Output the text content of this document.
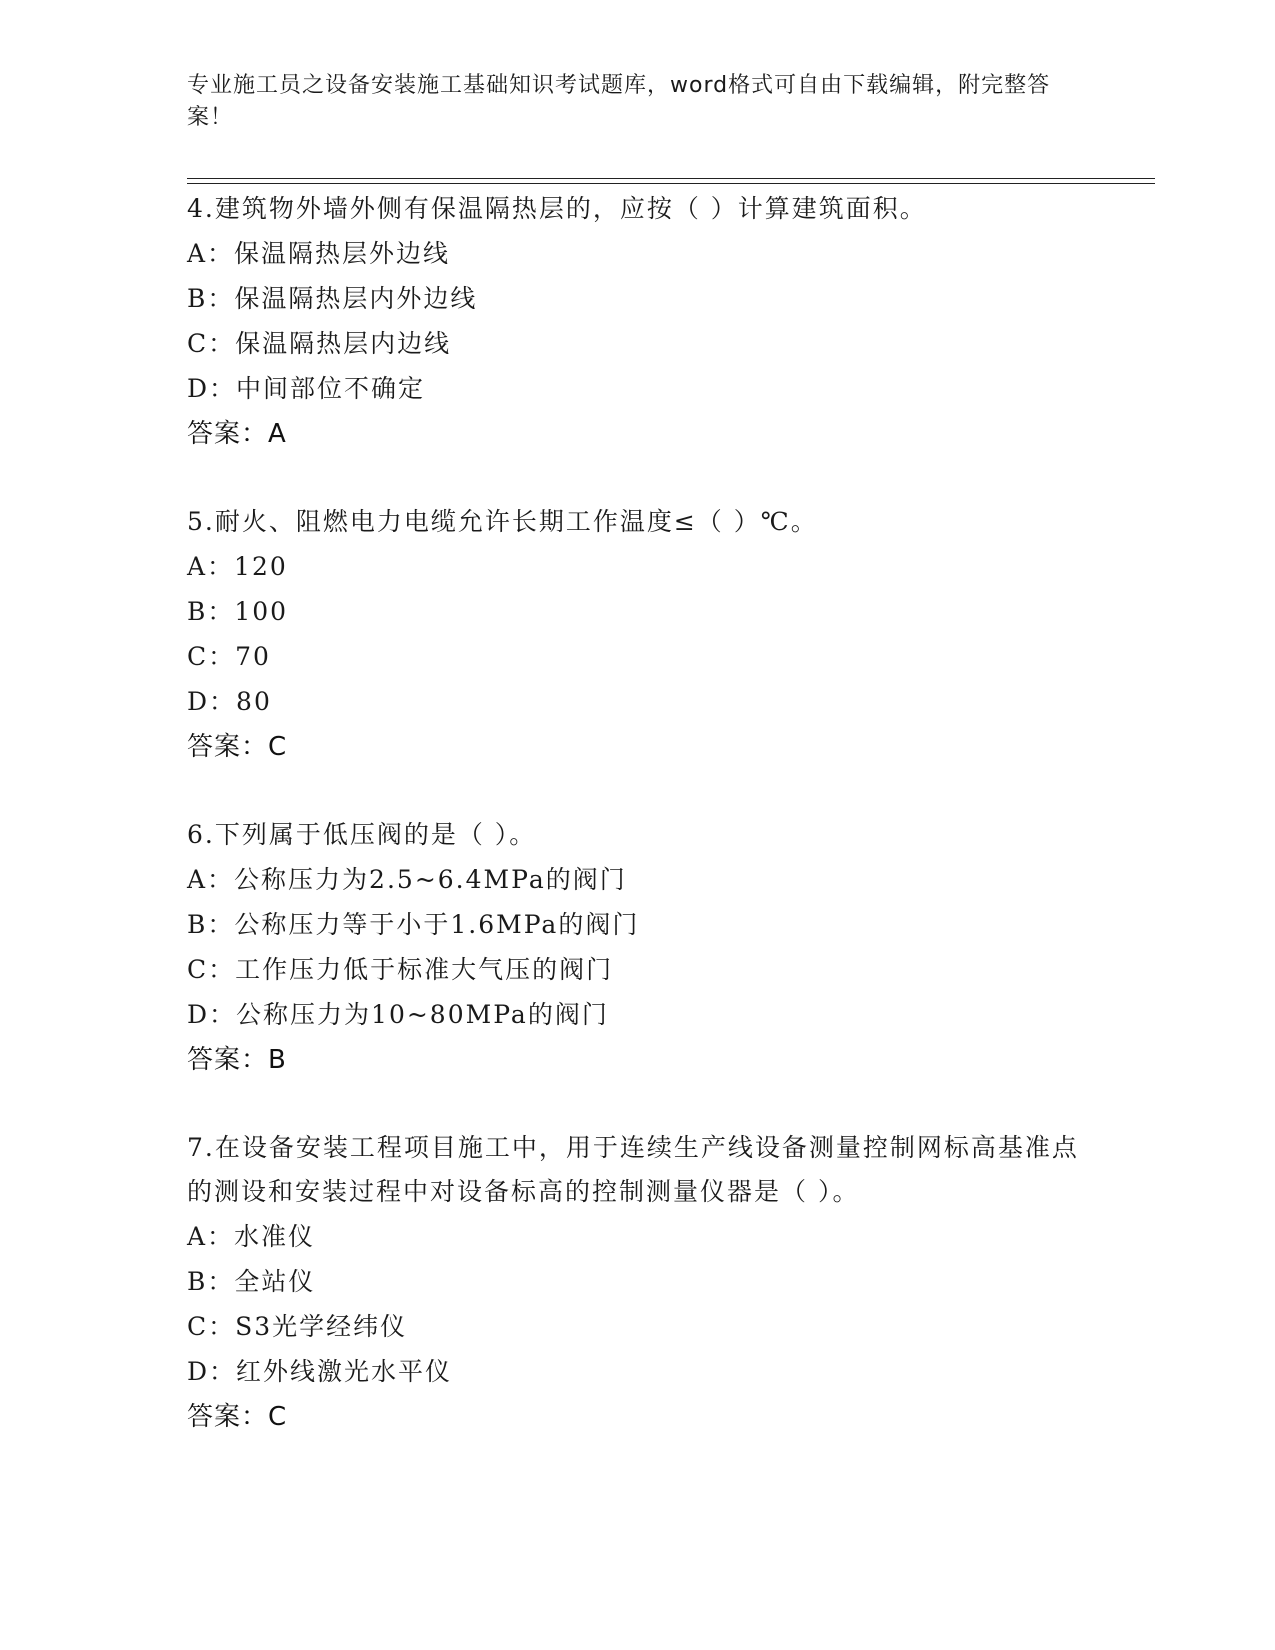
专业施工员之设备安装施工基础知识考试题库，word格式可自由下载编辑，附完整答案！
4.建筑物外墙外侧有保温隔热层的，应按（ ）计算建筑面积。
A：保温隔热层外边线
B：保温隔热层内外边线
C：保温隔热层内边线
D：中间部位不确定
答案：A
5.耐火、阻燃电力电缆允许长期工作温度≤（ ）℃。
A：120
B：100
C：70
D：80
答案：C
6.下列属于低压阀的是（ ）。
A：公称压力为2.5~6.4MPa的阀门
B：公称压力等于小于1.6MPa的阀门
C：工作压力低于标准大气压的阀门
D：公称压力为10~80MPa的阀门
答案：B
7.在设备安装工程项目施工中，用于连续生产线设备测量控制网标高基准点的测设和安装过程中对设备标高的控制测量仪器是（ ）。
A：水准仪
B：全站仪
C：S3光学经纬仪
D：红外线激光水平仪
答案：C
